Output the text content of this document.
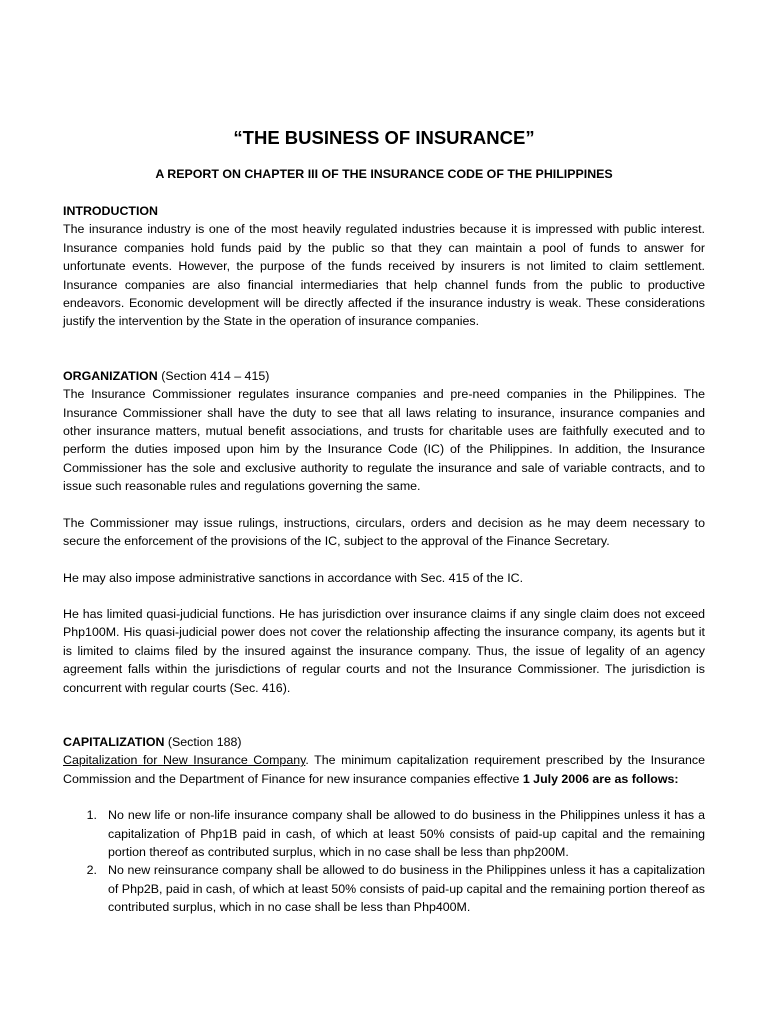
“THE BUSINESS OF INSURANCE”
A REPORT ON CHAPTER III OF THE INSURANCE CODE OF THE PHILIPPINES
INTRODUCTION

The insurance industry is one of the most heavily regulated industries because it is impressed with public interest. Insurance companies hold funds paid by the public so that they can maintain a pool of funds to answer for unfortunate events. However, the purpose of the funds received by insurers is not limited to claim settlement. Insurance companies are also financial intermediaries that help channel funds from the public to productive endeavors. Economic development will be directly affected if the insurance industry is weak. These considerations justify the intervention by the State in the operation of insurance companies.

ORGANIZATION (Section 414 – 415)

The Insurance Commissioner regulates insurance companies and pre-need companies in the Philippines. The Insurance Commissioner shall have the duty to see that all laws relating to insurance, insurance companies and other insurance matters, mutual benefit associations, and trusts for charitable uses are faithfully executed and to perform the duties imposed upon him by the Insurance Code (IC) of the Philippines. In addition, the Insurance Commissioner has the sole and exclusive authority to regulate the insurance and sale of variable contracts, and to issue such reasonable rules and regulations governing the same.

The Commissioner may issue rulings, instructions, circulars, orders and decision as he may deem necessary to secure the enforcement of the provisions of the IC, subject to the approval of the Finance Secretary.

He may also impose administrative sanctions in accordance with Sec. 415 of the IC.

He has limited quasi-judicial functions. He has jurisdiction over insurance claims if any single claim does not exceed Php100M. His quasi-judicial power does not cover the relationship affecting the insurance company, its agents but it is limited to claims filed by the insured against the insurance company. Thus, the issue of legality of an agency agreement falls within the jurisdictions of regular courts and not the Insurance Commissioner. The jurisdiction is concurrent with regular courts (Sec. 416).

CAPITALIZATION (Section 188)

Capitalization for New Insurance Company. The minimum capitalization requirement prescribed by the Insurance Commission and the Department of Finance for new insurance companies effective 1 July 2006 are as follows:

1. No new life or non-life insurance company shall be allowed to do business in the Philippines unless it has a capitalization of Php1B paid in cash, of which at least 50% consists of paid-up capital and the remaining portion thereof as contributed surplus, which in no case shall be less than php200M.
2. No new reinsurance company shall be allowed to do business in the Philippines unless it has a capitalization of Php2B, paid in cash, of which at least 50% consists of paid-up capital and the remaining portion thereof as contributed surplus, which in no case shall be less than Php400M.
